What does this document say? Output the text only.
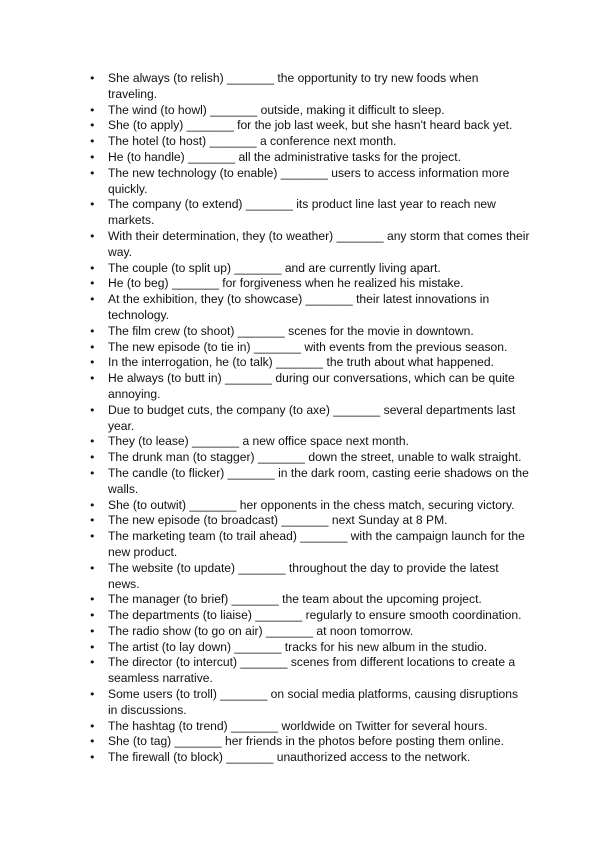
• She always (to relish) _______ the opportunity to try new foods when traveling.
• The wind (to howl) _______ outside, making it difficult to sleep.
• She (to apply) _______ for the job last week, but she hasn't heard back yet.
• The hotel (to host) _______ a conference next month.
• He (to handle) _______ all the administrative tasks for the project.
• The new technology (to enable) _______ users to access information more quickly.
• The company (to extend) _______ its product line last year to reach new markets.
• With their determination, they (to weather) _______ any storm that comes their way.
• The couple (to split up) _______ and are currently living apart.
• He (to beg) _______ for forgiveness when he realized his mistake.
• At the exhibition, they (to showcase) _______ their latest innovations in technology.
• The film crew (to shoot) _______ scenes for the movie in downtown.
• The new episode (to tie in) _______ with events from the previous season.
• In the interrogation, he (to talk) _______ the truth about what happened.
• He always (to butt in) _______ during our conversations, which can be quite annoying.
• Due to budget cuts, the company (to axe) _______ several departments last year.
• They (to lease) _______ a new office space next month.
• The drunk man (to stagger) _______ down the street, unable to walk straight.
• The candle (to flicker) _______ in the dark room, casting eerie shadows on the walls.
• She (to outwit) _______ her opponents in the chess match, securing victory.
• The new episode (to broadcast) _______ next Sunday at 8 PM.
• The marketing team (to trail ahead) _______ with the campaign launch for the new product.
• The website (to update) _______ throughout the day to provide the latest news.
• The manager (to brief) _______ the team about the upcoming project.
• The departments (to liaise) _______ regularly to ensure smooth coordination.
• The radio show (to go on air) _______ at noon tomorrow.
• The artist (to lay down) _______ tracks for his new album in the studio.
• The director (to intercut) _______ scenes from different locations to create a seamless narrative.
• Some users (to troll) _______ on social media platforms, causing disruptions in discussions.
• The hashtag (to trend) _______ worldwide on Twitter for several hours.
• She (to tag) _______ her friends in the photos before posting them online.
• The firewall (to block) _______ unauthorized access to the network.
